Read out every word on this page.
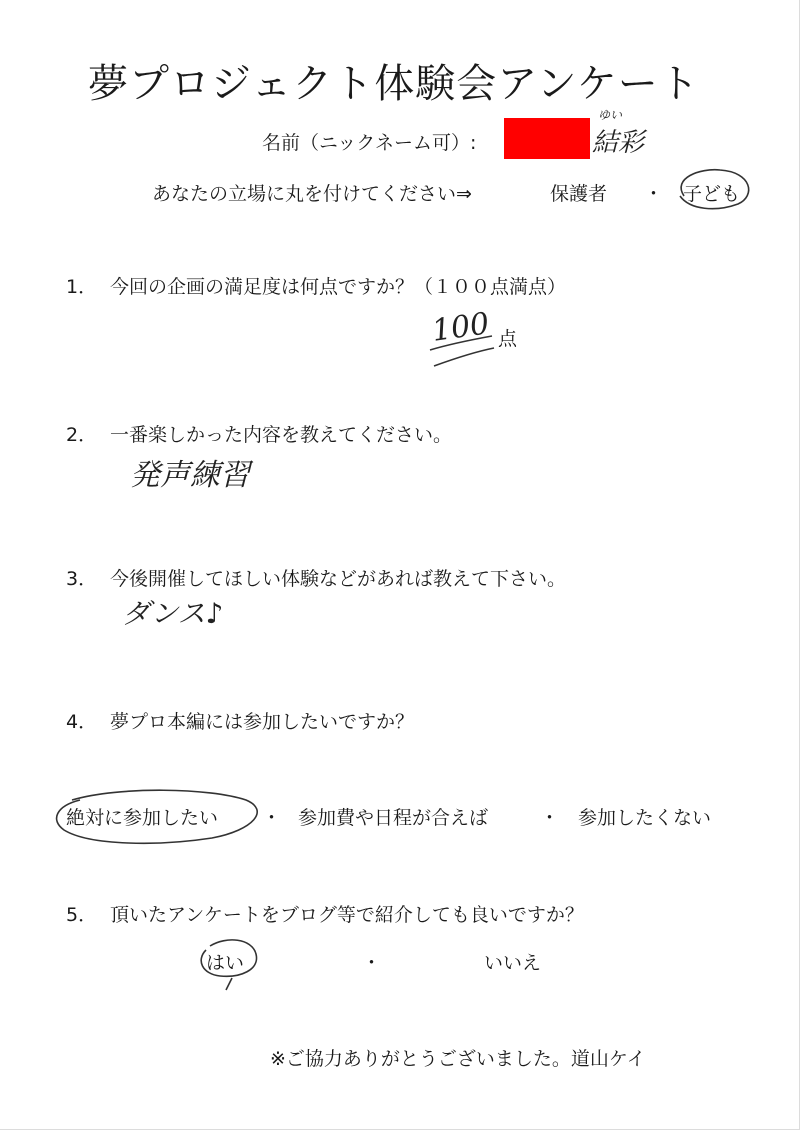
夢プロジェクト体験会アンケート
名前（ニックネーム可）:
ゆい
結彩
あなたの立場に丸を付けてください⇒	保護者 ・ 子ども
1． 今回の企画の満足度は何点ですか？（１００点満点）
100 点
2． 一番楽しかった内容を教えてください。
発声練習
3． 今後開催してほしい体験などがあれば教えて下さい。
ダンス♪
4． 夢プロ本編には参加したいですか？
絶対に参加したい ・ 参加費や日程が合えば	・ 参加したくない
5． 頂いたアンケートをブログ等で紹介しても良いですか？
はい	・	いいえ
※ご協力ありがとうございました。道山ケイ
